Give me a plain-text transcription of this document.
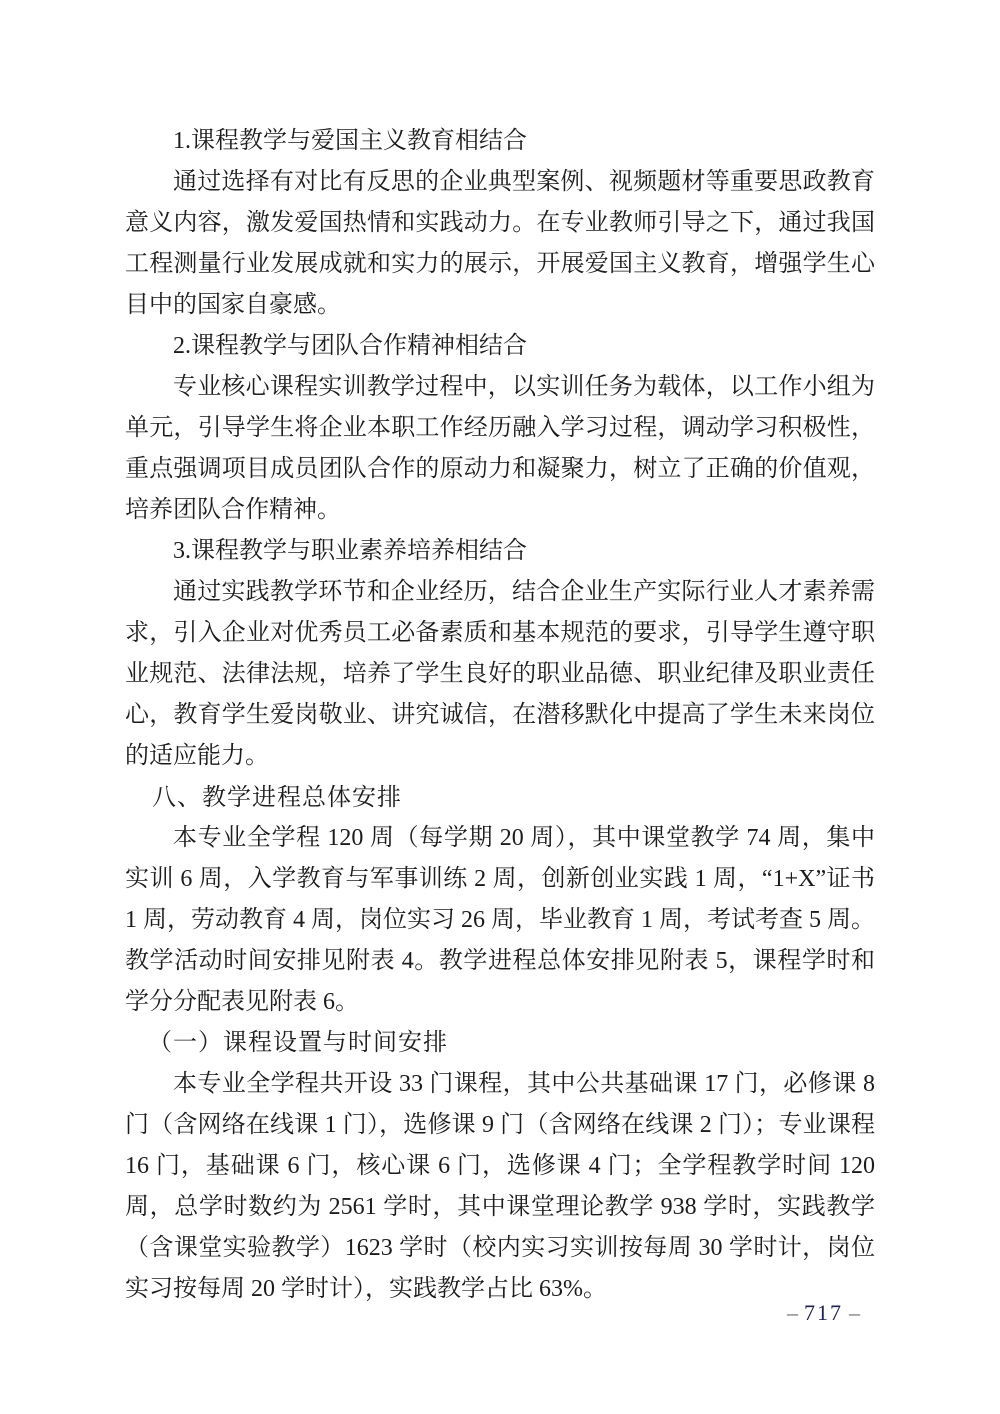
1.课程教学与爱国主义教育相结合

通过选择有对比有反思的企业典型案例、视频题材等重要思政教育意义内容，激发爱国热情和实践动力。在专业教师引导之下，通过我国工程测量行业发展成就和实力的展示，开展爱国主义教育，增强学生心目中的国家自豪感。

2.课程教学与团队合作精神相结合

专业核心课程实训教学过程中，以实训任务为载体，以工作小组为单元，引导学生将企业本职工作经历融入学习过程，调动学习积极性，重点强调项目成员团队合作的原动力和凝聚力，树立了正确的价值观，培养团队合作精神。

3.课程教学与职业素养培养相结合

通过实践教学环节和企业经历，结合企业生产实际行业人才素养需求，引入企业对优秀员工必备素质和基本规范的要求，引导学生遵守职业规范、法律法规，培养了学生良好的职业品德、职业纪律及职业责任心，教育学生爱岗敬业、讲究诚信，在潜移默化中提高了学生未来岗位的适应能力。

八、教学进程总体安排

本专业全学程 120 周（每学期 20 周），其中课堂教学 74 周，集中实训 6 周，入学教育与军事训练 2 周，创新创业实践 1 周，“1+X”证书 1 周，劳动教育 4 周，岗位实习 26 周，毕业教育 1 周，考试考查 5 周。教学活动时间安排见附表 4。教学进程总体安排见附表 5，课程学时和学分分配表见附表 6。

（一）课程设置与时间安排

本专业全学程共开设 33 门课程，其中公共基础课 17 门，必修课 8 门（含网络在线课 1 门），选修课 9 门（含网络在线课 2 门）；专业课程 16 门，基础课 6 门，核心课 6 门，选修课 4 门；全学程教学时间 120 周，总学时数约为 2561 学时，其中课堂理论教学 938 学时，实践教学（含课堂实验教学）1623 学时（校内实习实训按每周 30 学时计，岗位实习按每周 20 学时计），实践教学占比 63%。

– 717 –
